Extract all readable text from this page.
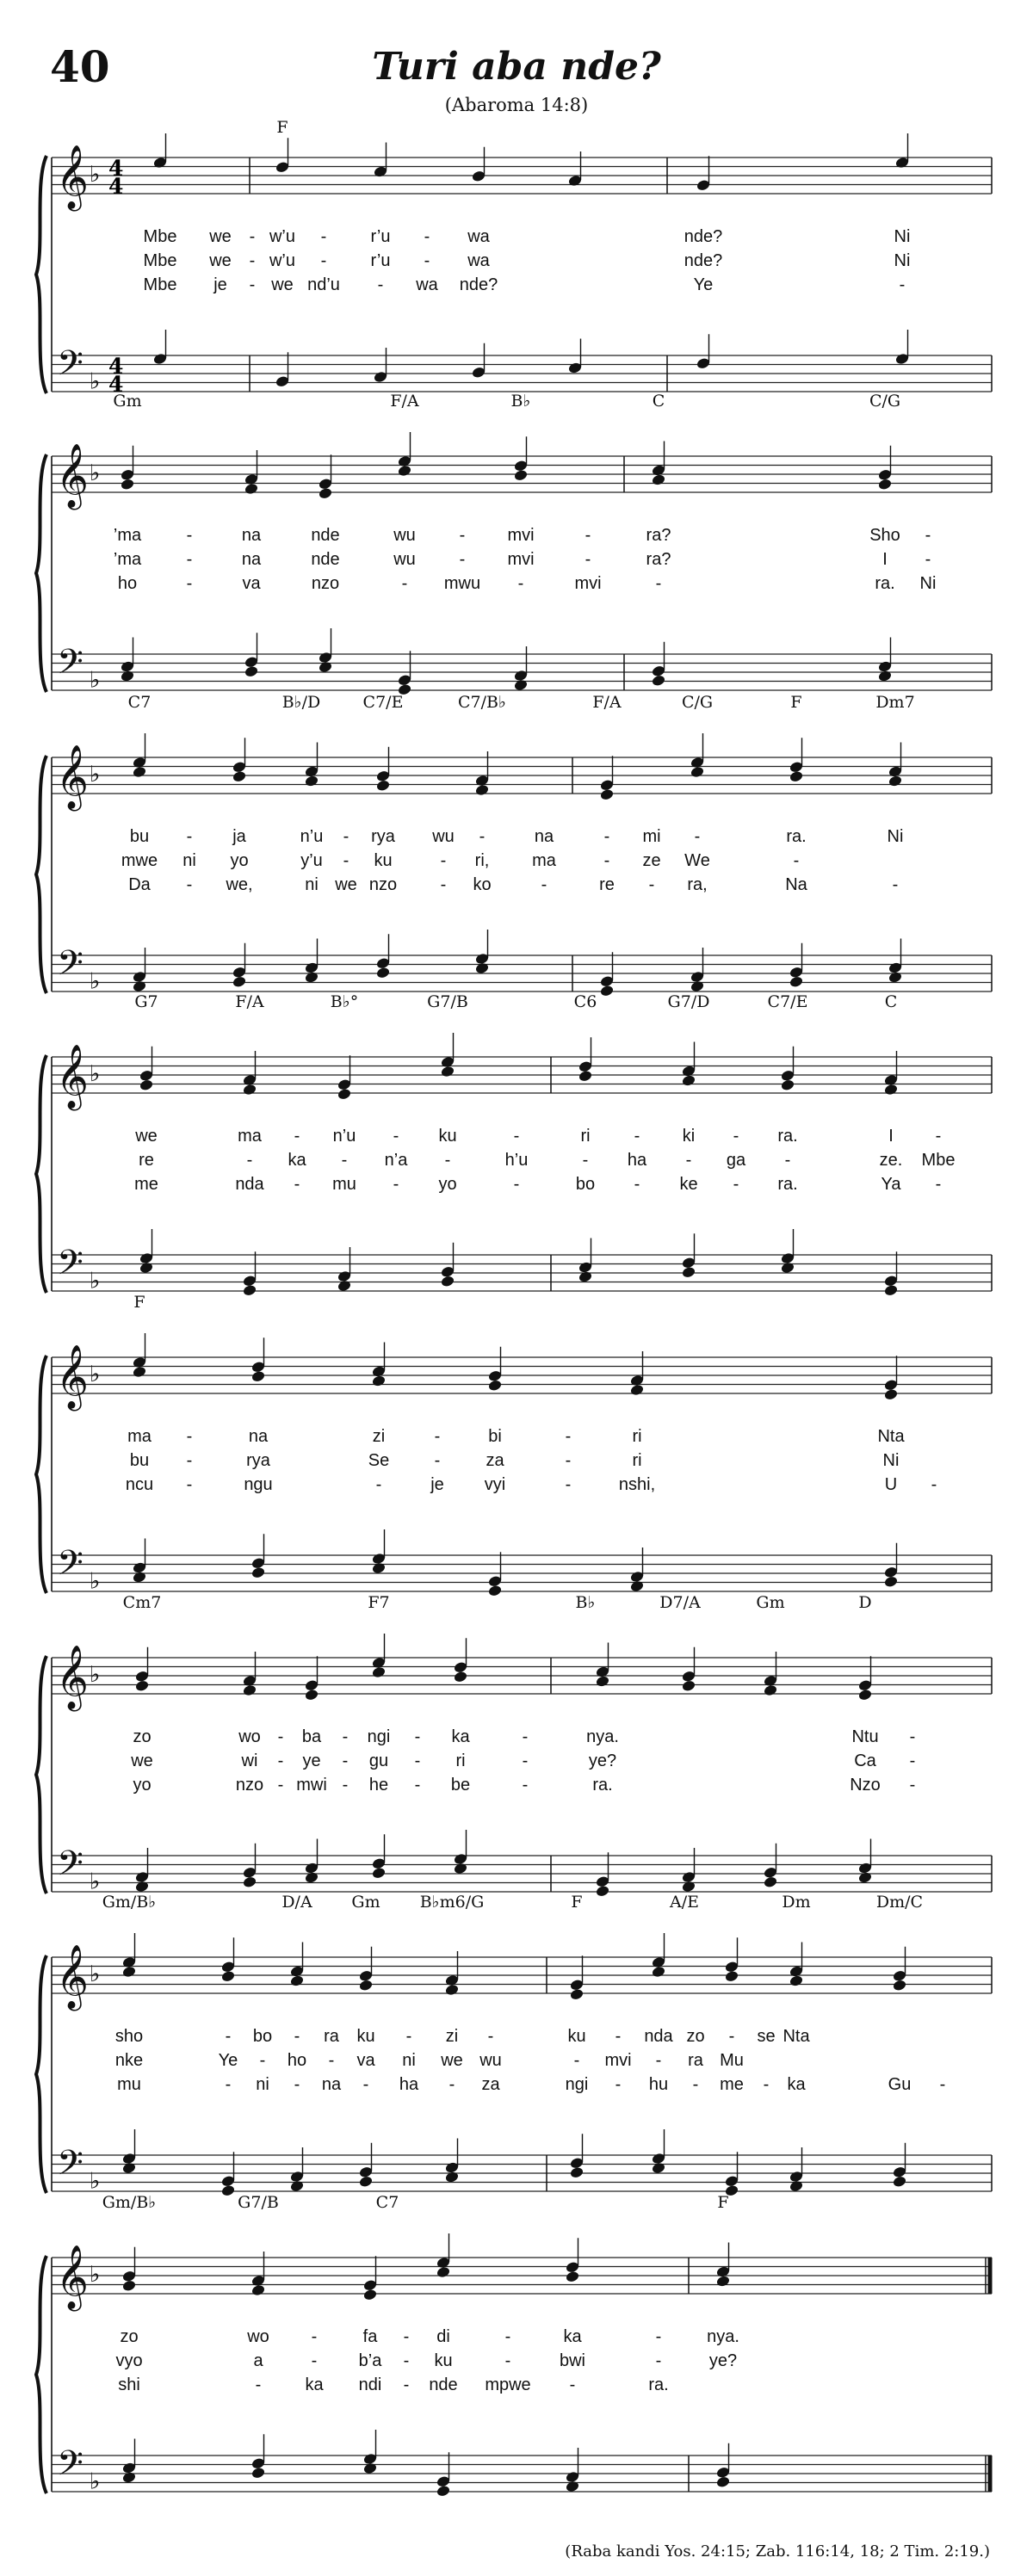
40	Turi aba nde?
(Abaroma 14:8)
𝄞
𝄢
♭
♭
4
4
4
4
F
Mbe we - w’u -	r’u - wa	nde?	Ni
Mbe we - w’u -	r’u - wa	nde?	Ni
Mbe je - we nd’u - wa nde?	Ye	-
𝄞
𝄢
♭
♭
Gm	F/A	B♭	C	C/G
’ma	-	na	nde	wu	- mvi	-	ra?	Sho -
’ma	-	na	nde	wu	- mvi	-	ra?	I -
ho	-	va	nzo	- mwu -	mvi	-	ra. Ni
𝄞
𝄢
♭
♭
C7	B♭/D	C7/E	C7/B♭	F/A	C/G	F	Dm7
bu - ja	n’u - rya wu -	na	- mi -	ra.	Ni
mwe ni yo	y’u - ku	- ri, ma	- ze We	-
Da - we,	ni we nzo	- ko	-	re - ra,	Na	-
𝄞
𝄢
♭
♭
G7	F/A	B♭°	G7/B	C6	G7/D	C7/E	C
we	ma - n’u - ku	-	ri	- ki - ra.	I -
re	- ka - n’a -	h’u	- ha - ga -	ze. Mbe
me	nda - mu - yo	-	bo - ke - ra.	Ya -
𝄞
𝄢
♭
♭
F
ma -	na	zi	-	bi	-	ri	Nta
bu -	rya	Se	-	za	-	ri	Ni
ncu -	ngu	-	je vyi	-	nshi,	U -
𝄞
𝄢
♭
♭
Cm7	F7	B♭	D7/A	Gm	D
zo	wo - ba - ngi - ka	-	nya.	Ntu -
we	wi - ye - gu - ri	-	ye?	Ca -
yo	nzo - mwi - he - be	-	ra.	Nzo -
𝄞
𝄢
♭
♭
Gm/B♭	D/A Gm B♭m6/G	F	A/E	Dm	Dm/C
sho	- bo - ra ku - zi -	ku - nda zo - se Nta
nke	Ye - ho - va ni we wu	- mvi - ra Mu
mu	- ni - na - ha - za	ngi - hu - me - ka	Gu -
𝄞
𝄢
♭
♭
Gm/B♭	G7/B	C7	F
zo	wo -	fa - di	-	ka	-	nya.
vyo	a	- b’a - ku	-	bwi	-	ye?
shi	-	ka ndi - nde mpwe -	ra.
(Raba kandi Yos. 24:15; Zab. 116:14, 18; 2 Tim. 2:19.)
